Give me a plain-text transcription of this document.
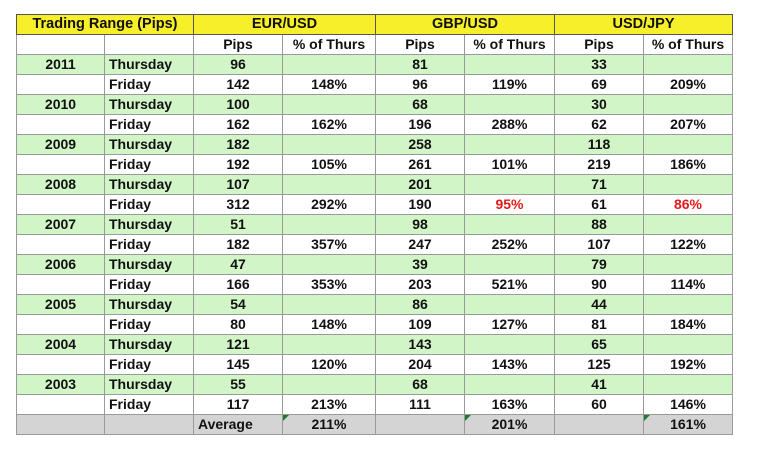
Trading Range (Pips)		EUR/USD		GBP/USD		USD/JPY	
		Pips	% of Thurs	Pips	% of Thurs	Pips	% of Thurs
2011	Thursday	96		81		33	
	Friday	142	148%	96	119%	69	209%
2010	Thursday	100		68		30	
	Friday	162	162%	196	288%	62	207%
2009	Thursday	182		258		118	
	Friday	192	105%	261	101%	219	186%
2008	Thursday	107		201		71	
	Friday	312	292%	190	95%	61	86%
2007	Thursday	51		98		88	
	Friday	182	357%	247	252%	107	122%
2006	Thursday	47		39		79	
	Friday	166	353%	203	521%	90	114%
2005	Thursday	54		86		44	
	Friday	80	148%	109	127%	81	184%
2004	Thursday	121		143		65	
	Friday	145	120%	204	143%	125	192%
2003	Thursday	55		68		41	
	Friday	117	213%	111	163%	60	146%
		Average	211%		201%		161%
